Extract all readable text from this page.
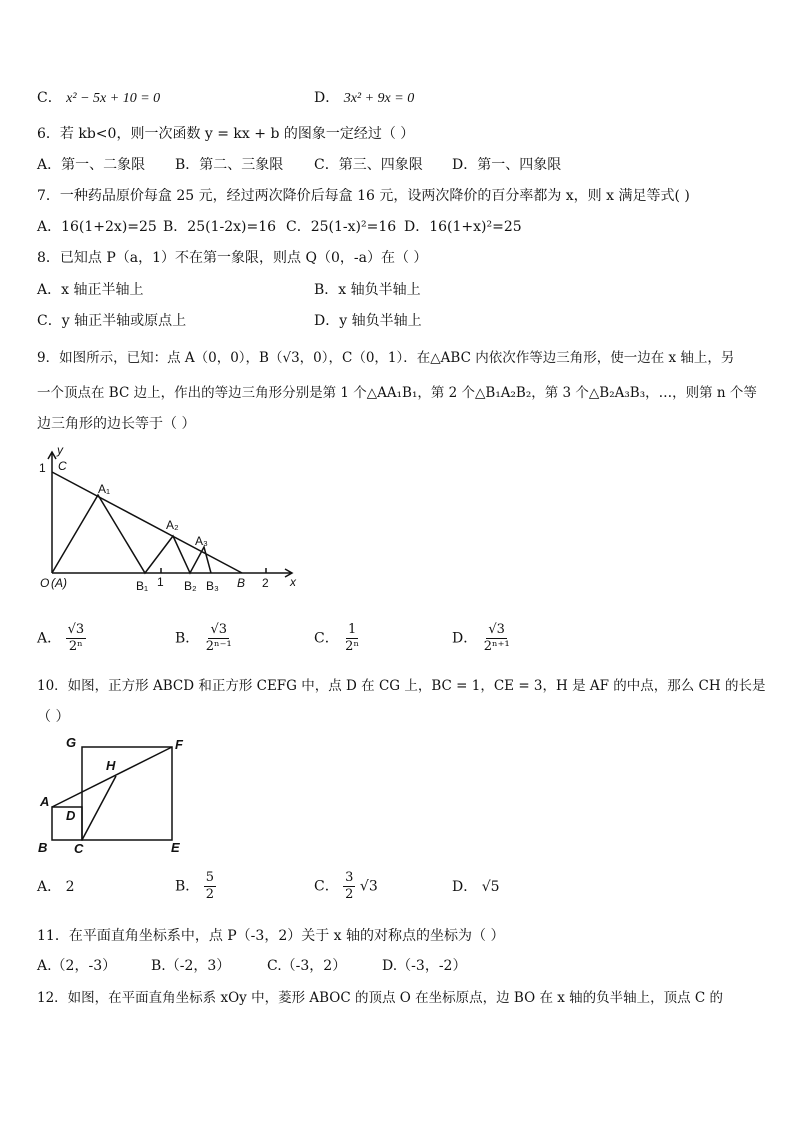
C． x² − 5x + 10 = 0	D． 3x² + 9x = 0
6．若 kb<0，则一次函数 y = kx + b 的图象一定经过（ ）
A．第一、二象限 B．第二、三象限 C．第三、四象限 D．第一、四象限
7．一种药品原价每盒 25 元，经过两次降价后每盒 16 元，设两次降价的百分率都为 x，则 x 满足等式( )
A．16(1+2x)=25 B．25(1-2x)=16 C．25(1-x)²=16 D．16(1+x)²=25
8．已知点 P（a，1）不在第一象限，则点 Q（0，-a）在（ ）
A．x 轴正半轴上	B．x 轴负半轴上
C．y 轴正半轴或原点上	D．y 轴负半轴上
9．如图所示，已知：点 A（0，0），B（√3，0），C（0，1）．在△ABC 内依次作等边三角形，使一边在 x 轴上，另
一个顶点在 BC 边上，作出的等边三角形分别是第 1 个△AA₁B₁，第 2 个△B₁A₂B₂，第 3 个△B₂A₃B₃，…，则第 n 个等
边三角形的边长等于（ ）
y
1 C
A₁
A₂
A₃
O (A)	B₁ 1 B₂ B₃ B 2 x
A． $\frac{√3}{\text{2ⁿ}}$	B． $\frac{√3}{\text{2ⁿ⁻¹}}$	C． $\frac{1}{\text{2ⁿ}}$	D． $\frac{√3}{\text{2ⁿ⁺¹}}$
10．如图，正方形 ABCD 和正方形 CEFG 中，点 D 在 CG 上，BC = 1，CE = 3，H 是 AF 的中点，那么 CH 的长是
（ ）
G	F
H
A
D
B C	E
A． 2	B． $\frac{5}{2}$	C． $\frac{3}{2} √3$	D． √5
11．在平面直角坐标系中，点 P（-3，2）关于 x 轴的对称点的坐标为（ ）
A.（2，-3） B.（-2，3）	C.（-3，2）	D.（-3，-2）
12．如图，在平面直角坐标系 xOy 中，菱形 ABOC 的顶点 O 在坐标原点，边 BO 在 x 轴的负半轴上，顶点 C 的
